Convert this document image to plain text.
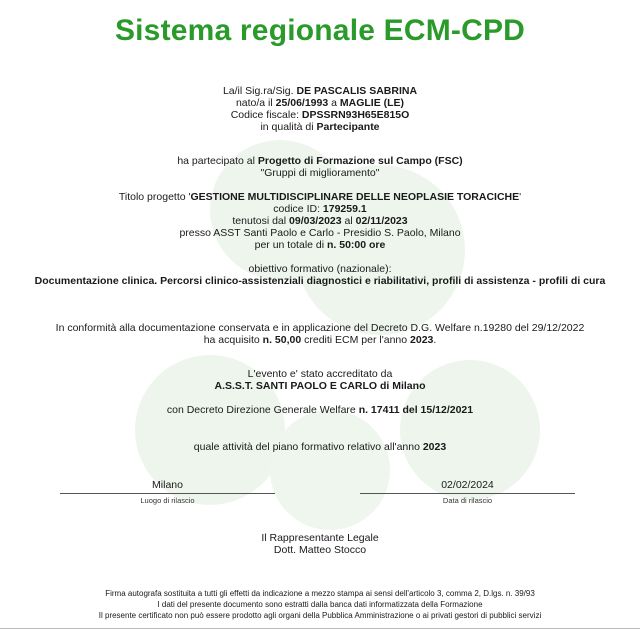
Sistema regionale ECM-CPD
La/il Sig.ra/Sig. DE PASCALIS SABRINA
nato/a il 25/06/1993 a MAGLIE (LE)
Codice fiscale: DPSSRN93H65E815O
in qualità di Partecipante
ha partecipato al Progetto di Formazione sul Campo (FSC)
"Gruppi di miglioramento"
Titolo progetto 'GESTIONE MULTIDISCIPLINARE DELLE NEOPLASIE TORACICHE'
codice ID: 179259.1
tenutosi dal 09/03/2023 al 02/11/2023
presso ASST Santi Paolo e Carlo - Presidio S. Paolo, Milano
per un totale di n. 50:00 ore
obiettivo formativo (nazionale):
Documentazione clinica. Percorsi clinico-assistenziali diagnostici e riabilitativi, profili di assistenza - profili di cura
In conformità alla documentazione conservata e in applicazione del Decreto D.G. Welfare n.19280 del 29/12/2022
ha acquisito n. 50,00 crediti ECM per l'anno 2023.
L'evento e' stato accreditato da
A.S.S.T. SANTI PAOLO E CARLO di Milano
con Decreto Direzione Generale Welfare n. 17411 del 15/12/2021
quale attività del piano formativo relativo all'anno 2023
Milano
Luogo di rilascio
02/02/2024
Data di rilascio
Il Rappresentante Legale
Dott. Matteo Stocco
Firma autografa sostituita a tutti gli effetti da indicazione a mezzo stampa ai sensi dell'articolo 3, comma 2, D.lgs. n. 39/93
I dati del presente documento sono estratti dalla banca dati informatizzata della Formazione
Il presente certificato non può essere prodotto agli organi della Pubblica Amministrazione o ai privati gestori di pubblici servizi
